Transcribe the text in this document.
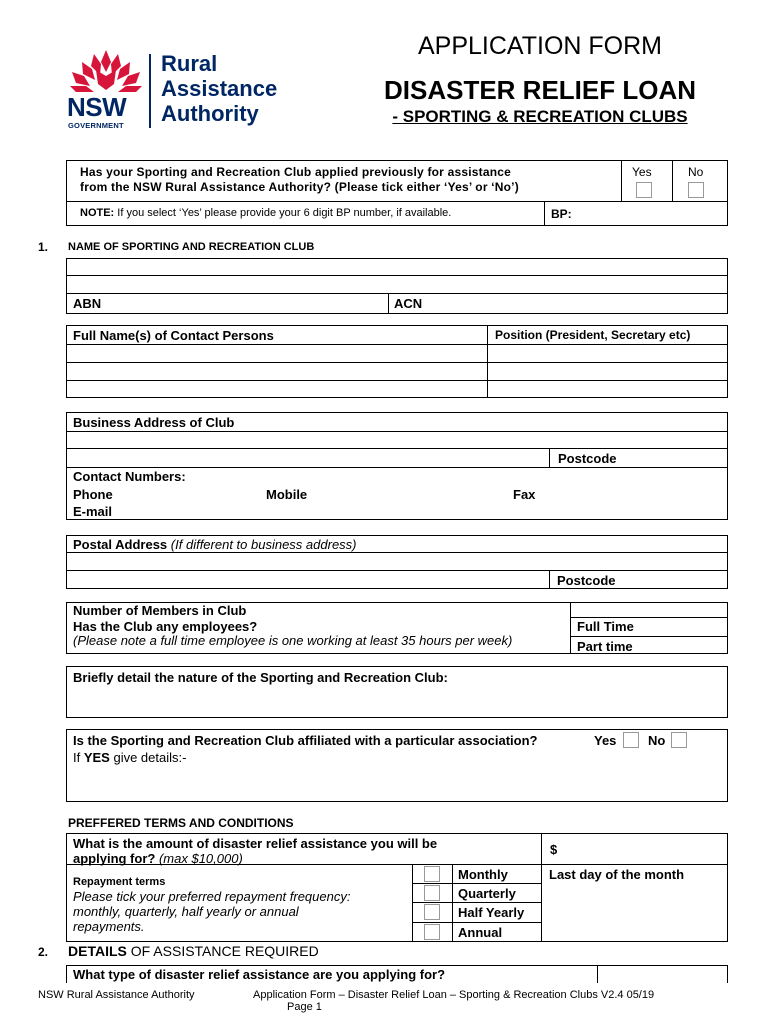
NSW
GOVERNMENT
Rural
Assistance
Authority
APPLICATION FORM
DISASTER RELIEF LOAN
- SPORTING & RECREATION CLUBS
Has your Sporting and Recreation Club applied previously for assistance
from the NSW Rural Assistance Authority? (Please tick either ‘Yes’ or ‘No’)
Yes	No
NOTE: If you select ‘Yes’ please provide your 6 digit BP number, if available.	BP:
1. NAME OF SPORTING AND RECREATION CLUB
ABN	ACN
Full Name(s) of Contact Persons	Position (President, Secretary etc)
Business Address of Club
Postcode
Contact Numbers:
Phone	Mobile	Fax
E-mail
Postal Address (If different to business address)
Postcode
Number of Members in Club
Has the Club any employees?
(Please note a full time employee is one working at least 35 hours per week)
Full Time
Part time
Briefly detail the nature of the Sporting and Recreation Club:
Is the Sporting and Recreation Club affiliated with a particular association?	Yes No
If YES give details:-
PREFFERED TERMS AND CONDITIONS
What is the amount of disaster relief assistance you will be
applying for? (max $10,000)
$
Repayment terms
Please tick your preferred repayment frequency:
monthly, quarterly, half yearly or annual
repayments.
Monthly
Quarterly
Half Yearly
Annual
Last day of the month
2. DETAILS OF ASSISTANCE REQUIRED
What type of disaster relief assistance are you applying for?
NSW Rural Assistance Authority	Application Form – Disaster Relief Loan – Sporting & Recreation Clubs V2.4 05/19
Page 1
